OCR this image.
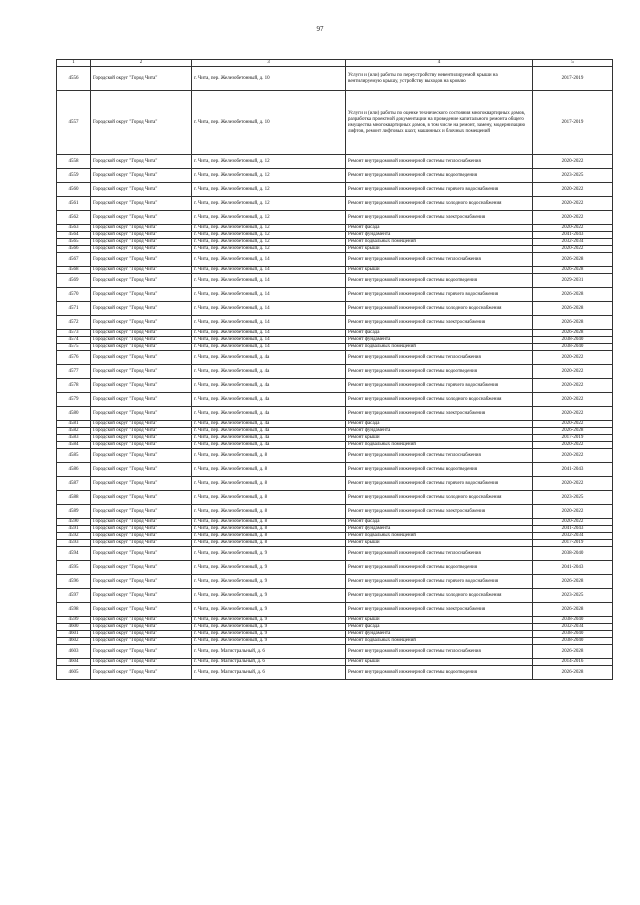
97
1	2	3	4	5
4556	Городской округ "Город Чита"	г. Чита, пер. Железобетонный, д. 10	Услуги и (или) работы по переустройству невентилируемой крыши на вентилируемую крышу, устройству выходов на кровлю	2017-2019
4557	Городской округ "Город Чита"	г. Чита, пер. Железобетонный, д. 10	Услуги и (или) работы по оценке технического состояния многоквартирных домов, разработка проектной документации на проведение капитального ремонта общего имущества многоквартирных домов, в том числе на ремонт, замену, модернизацию лифтов, ремонт лифтовых шахт, машинных и блочных помещений	2017-2019
4558	Городской округ "Город Чита"	г. Чита, пер. Железобетонный, д. 12	Ремонт внутридомовой инженерной системы теплоснабжения	2020-2022
4559	Городской округ "Город Чита"	г. Чита, пер. Железобетонный, д. 12	Ремонт внутридомовой инженерной системы водоотведения	2023-2025
4560	Городской округ "Город Чита"	г. Чита, пер. Железобетонный, д. 12	Ремонт внутридомовой инженерной системы горячего водоснабжения	2020-2022
4561	Городской округ "Город Чита"	г. Чита, пер. Железобетонный, д. 12	Ремонт внутридомовой инженерной системы холодного водоснабжения	2020-2022
4562	Городской округ "Город Чита"	г. Чита, пер. Железобетонный, д. 12	Ремонт внутридомовой инженерной системы электроснабжения	2020-2022
4563	Городской округ "Город Чита"	г. Чита, пер. Железобетонный, д. 12	Ремонт фасада	2020-2022
4564	Городской округ "Город Чита"	г. Чита, пер. Железобетонный, д. 12	Ремонт фундамента	2041-2043
4565	Городской округ "Город Чита"	г. Чита, пер. Железобетонный, д. 12	Ремонт подвальных помещений	2032-2034
4566	Городской округ "Город Чита"	г. Чита, пер. Железобетонный, д. 12	Ремонт крыши	2020-2022
4567	Городской округ "Город Чита"	г. Чита, пер. Железобетонный, д. 14	Ремонт внутридомовой инженерной системы теплоснабжения	2026-2028
4568	Городской округ "Город Чита"	г. Чита, пер. Железобетонный, д. 14	Ремонт крыши	2026-2028
4569	Городской округ "Город Чита"	г. Чита, пер. Железобетонный, д. 14	Ремонт внутридомовой инженерной системы водоотведения	2029-2031
4570	Городской округ "Город Чита"	г. Чита, пер. Железобетонный, д. 14	Ремонт внутридомовой инженерной системы горячего водоснабжения	2026-2028
4571	Городской округ "Город Чита"	г. Чита, пер. Железобетонный, д. 14	Ремонт внутридомовой инженерной системы холодного водоснабжения	2026-2028
4572	Городской округ "Город Чита"	г. Чита, пер. Железобетонный, д. 14	Ремонт внутридомовой инженерной системы электроснабжения	2026-2028
4573	Городской округ "Город Чита"	г. Чита, пер. Железобетонный, д. 14	Ремонт фасада	2026-2028
4574	Городской округ "Город Чита"	г. Чита, пер. Железобетонный, д. 14	Ремонт фундамента	2038-2040
4575	Городской округ "Город Чита"	г. Чита, пер. Железобетонный, д. 14	Ремонт подвальных помещений	2038-2040
4576	Городской округ "Город Чита"	г. Чита, пер. Железобетонный, д. 4а	Ремонт внутридомовой инженерной системы теплоснабжения	2020-2022
4577	Городской округ "Город Чита"	г. Чита, пер. Железобетонный, д. 4а	Ремонт внутридомовой инженерной системы водоотведения	2020-2022
4578	Городской округ "Город Чита"	г. Чита, пер. Железобетонный, д. 4а	Ремонт внутридомовой инженерной системы горячего водоснабжения	2020-2022
4579	Городской округ "Город Чита"	г. Чита, пер. Железобетонный, д. 4а	Ремонт внутридомовой инженерной системы холодного водоснабжения	2020-2022
4580	Городской округ "Город Чита"	г. Чита, пер. Железобетонный, д. 4а	Ремонт внутридомовой инженерной системы электроснабжения	2020-2022
4581	Городской округ "Город Чита"	г. Чита, пер. Железобетонный, д. 4а	Ремонт фасада	2020-2022
4582	Городской округ "Город Чита"	г. Чита, пер. Железобетонный, д. 4а	Ремонт фундамента	2026-2028
4583	Городской округ "Город Чита"	г. Чита, пер. Железобетонный, д. 4а	Ремонт крыши	2017-2019
4584	Городской округ "Город Чита"	г. Чита, пер. Железобетонный, д. 4а	Ремонт подвальных помещений	2020-2022
4585	Городской округ "Город Чита"	г. Чита, пер. Железобетонный, д. 8	Ремонт внутридомовой инженерной системы теплоснабжения	2020-2022
4586	Городской округ "Город Чита"	г. Чита, пер. Железобетонный, д. 8	Ремонт внутридомовой инженерной системы водоотведения	2041-2043
4587	Городской округ "Город Чита"	г. Чита, пер. Железобетонный, д. 8	Ремонт внутридомовой инженерной системы горячего водоснабжения	2020-2022
4588	Городской округ "Город Чита"	г. Чита, пер. Железобетонный, д. 8	Ремонт внутридомовой инженерной системы холодного водоснабжения	2023-2025
4589	Городской округ "Город Чита"	г. Чита, пер. Железобетонный, д. 8	Ремонт внутридомовой инженерной системы электроснабжения	2020-2022
4590	Городской округ "Город Чита"	г. Чита, пер. Железобетонный, д. 8	Ремонт фасада	2020-2022
4591	Городской округ "Город Чита"	г. Чита, пер. Железобетонный, д. 8	Ремонт фундамента	2041-2043
4592	Городской округ "Город Чита"	г. Чита, пер. Железобетонный, д. 8	Ремонт подвальных помещений	2032-2034
4593	Городской округ "Город Чита"	г. Чита, пер. Железобетонный, д. 8	Ремонт крыши	2017-2019
4594	Городской округ "Город Чита"	г. Чита, пер. Железобетонный, д. 9	Ремонт внутридомовой инженерной системы теплоснабжения	2038-2040
4595	Городской округ "Город Чита"	г. Чита, пер. Железобетонный, д. 9	Ремонт внутридомовой инженерной системы водоотведения	2041-2043
4596	Городской округ "Город Чита"	г. Чита, пер. Железобетонный, д. 9	Ремонт внутридомовой инженерной системы горячего водоснабжения	2026-2028
4597	Городской округ "Город Чита"	г. Чита, пер. Железобетонный, д. 9	Ремонт внутридомовой инженерной системы холодного водоснабжения	2023-2025
4598	Городской округ "Город Чита"	г. Чита, пер. Железобетонный, д. 9	Ремонт внутридомовой инженерной системы электроснабжения	2026-2028
4599	Городской округ "Город Чита"	г. Чита, пер. Железобетонный, д. 9	Ремонт крыши	2038-2040
4600	Городской округ "Город Чита"	г. Чита, пер. Железобетонный, д. 9	Ремонт фасада	2032-2034
4601	Городской округ "Город Чита"	г. Чита, пер. Железобетонный, д. 9	Ремонт фундамента	2038-2040
4602	Городской округ "Город Чита"	г. Чита, пер. Железобетонный, д. 9	Ремонт подвальных помещений	2038-2040
4603	Городской округ "Город Чита"	г. Чита, пер. Магистральный, д. 6	Ремонт внутридомовой инженерной системы теплоснабжения	2026-2028
4604	Городской округ "Город Чита"	г. Чита, пер. Магистральный, д. 6	Ремонт крыши	2014-2016
4605	Городской округ "Город Чита"	г. Чита, пер. Магистральный, д. 6	Ремонт внутридомовой инженерной системы водоотведения	2026-2028
